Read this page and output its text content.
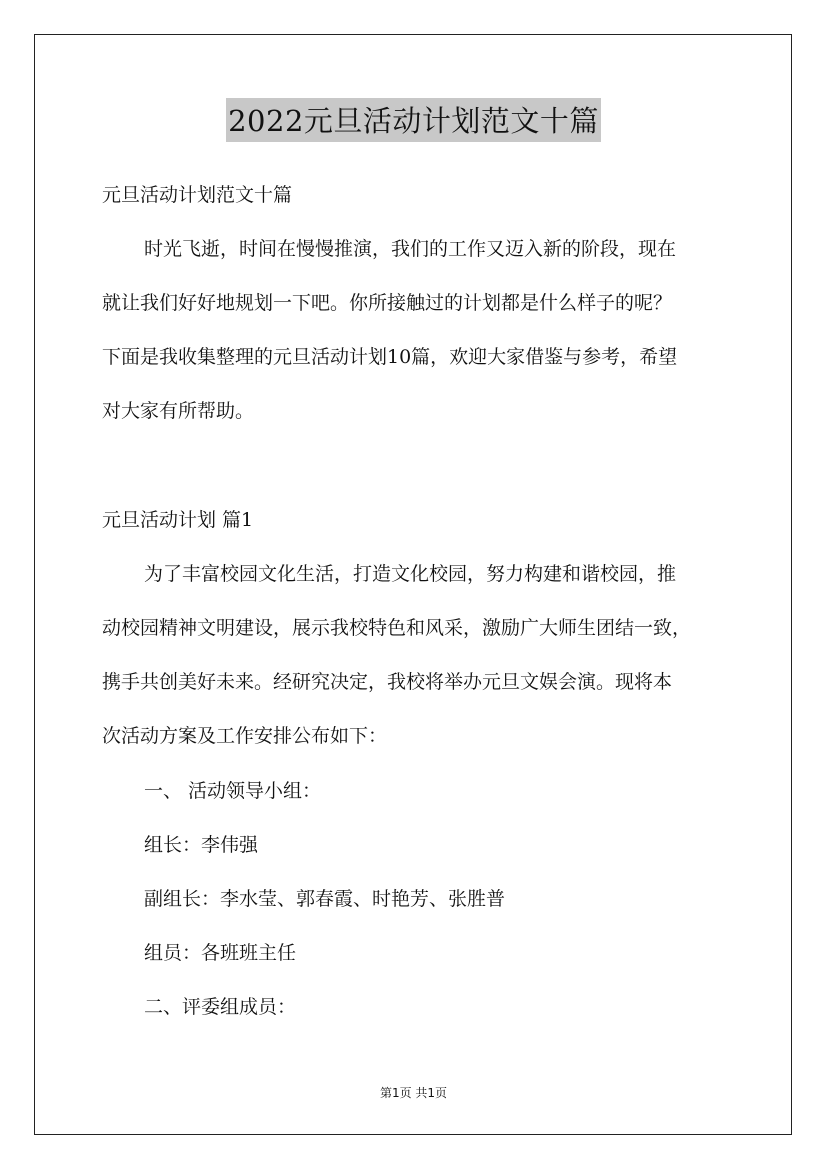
2022元旦活动计划范文十篇
元旦活动计划范文十篇
时光飞逝，时间在慢慢推演，我们的工作又迈入新的阶段，现在
就让我们好好地规划一下吧。你所接触过的计划都是什么样子的呢？
下面是我收集整理的元旦活动计划10篇，欢迎大家借鉴与参考，希望
对大家有所帮助。
元旦活动计划 篇1
为了丰富校园文化生活，打造文化校园，努力构建和谐校园，推
动校园精神文明建设，展示我校特色和风采，激励广大师生团结一致，
携手共创美好未来。经研究决定，我校将举办元旦文娱会演。现将本
次活动方案及工作安排公布如下：
一、 活动领导小组：
组长：李伟强
副组长：李水莹、郭春霞、时艳芳、张胜普
组员：各班班主任
二、评委组成员：
第1页 共1页
